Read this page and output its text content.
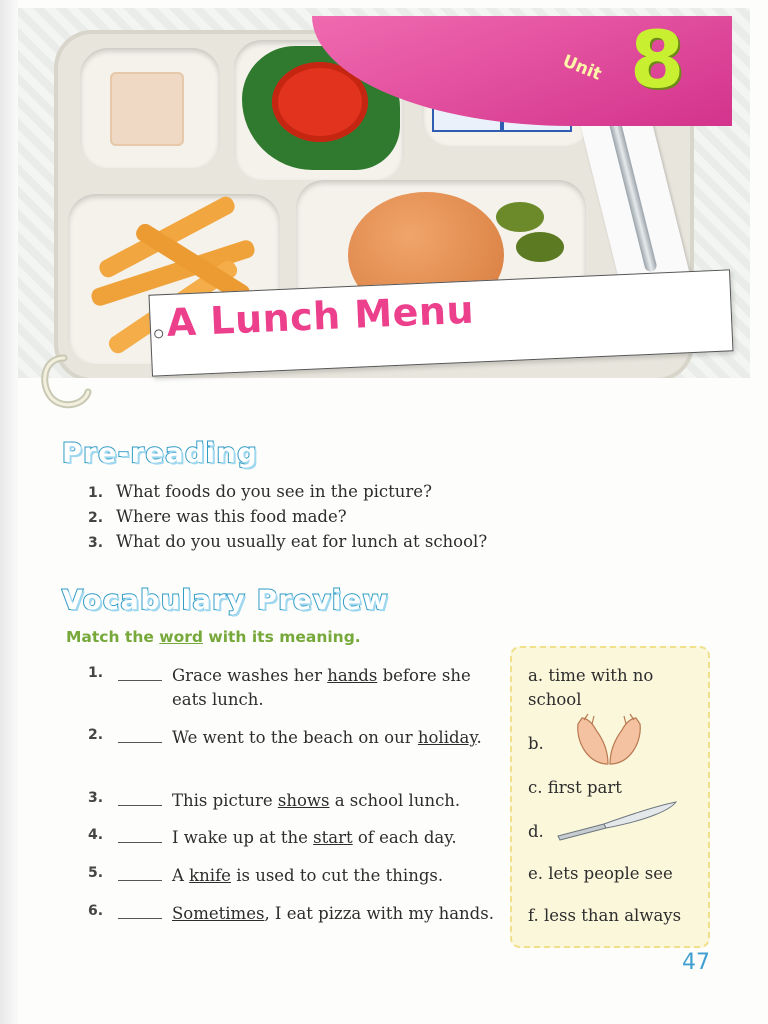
Unit 8
A Lunch Menu
Pre-reading
1. What foods do you see in the picture?
2. Where was this food made?
3. What do you usually eat for lunch at school?
Vocabulary Preview
Match the word with its meaning.
1.	Grace washes her hands before she eats lunch.
2.	We went to the beach on our holiday.
3.	This picture shows a school lunch.
4.	I wake up at the start of each day.
5.	A knife is used to cut the things.
6.	Sometimes, I eat pizza with my hands.
a. time with no school
b.
c. first part
d.
e. lets people see
f. less than always
47
